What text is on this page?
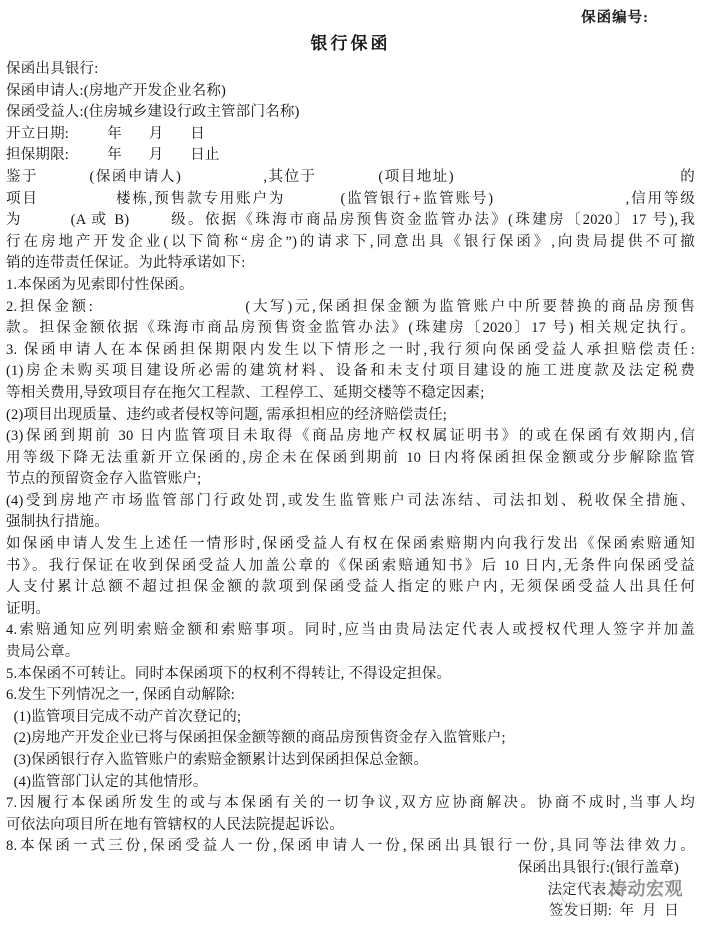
保函编号:
银行保函
保函出具银行:
保函申请人:(房地产开发企业名称)
保函受益人:(住房城乡建设行政主管部门名称)
开立日期:          年       月       日
担保期限:          年       月       日止
鉴于          (保函申请人)                ,其位于            (项目地址)                                            的
项目              楼栋,预售款专用账户为          (监管银行+监管账号)                        ,信用等级
为        (A 或 B)       级。依据《珠海市商品房预售资金监管办法》(珠建房〔2020〕17 号),我
行在房地产开发企业(以下简称“房企”)的请求下,同意出具《银行保函》,向贵局提供不可撤
销的连带责任保证。为此特承诺如下:
1.本保函为见索即付性保函。
2.担保金额:                        (大写)元,保函担保金额为监管账户中所要替换的商品房预售
款。担保金额依据《珠海市商品房预售资金监管办法》(珠建房〔2020〕17 号) 相关规定执行。
3. 保函申请人在本保函担保期限内发生以下情形之一时,我行须向保函受益人承担赔偿责任:
(1)房企未购买项目建设所必需的建筑材料、设备和未支付项目建设的施工进度款及法定税费
等相关费用,导致项目存在拖欠工程款、工程停工、延期交楼等不稳定因素;
(2)项目出现质量、违约或者侵权等问题, 需承担相应的经济赔偿责任;
(3)保函到期前 30 日内监管项目未取得《商品房地产权权属证明书》的或在保函有效期内,信
用等级下降无法重新开立保函的,房企未在保函到期前 10 日内将保函担保金额或分步解除监管
节点的预留资金存入监管账户;
(4)受到房地产市场监管部门行政处罚,或发生监管账户司法冻结、司法扣划、税收保全措施、
强制执行措施。
如保函申请人发生上述任一情形时,保函受益人有权在保函索赔期内向我行发出《保函索赔通知
书》。我行保证在收到保函受益人加盖公章的《保函索赔通知书》后 10 日内,无条件向保函受益
人支付累计总额不超过担保金额的款项到保函受益人指定的账户内, 无须保函受益人出具任何
证明。
4.索赔通知应列明索赔金额和索赔事项。同时,应当由贵局法定代表人或授权代理人签字并加盖
贵局公章。
5.本保函不可转让。同时本保函项下的权利不得转让, 不得设定担保。
6.发生下列情况之一, 保函自动解除:
(1)监管项目完成不动产首次登记的;
(2)房地产开发企业已将与保函担保金额等额的商品房预售资金存入监管账户;
(3)保函银行存入监管账户的索赔金额累计达到保函担保总金额。
(4)监管部门认定的其他情形。
7.因履行本保函所发生的或与本保函有关的一切争议,双方应协商解决。协商不成时,当事人均
可依法向项目所在地有管辖权的人民法院提起诉讼。
8.本保函一式三份,保函受益人一份,保函申请人一份,保函出具银行一份,具同等法律效力。
保函出具银行:(银行盖章)
法定代表人
涛动宏观
签发日期:  年  月  日
